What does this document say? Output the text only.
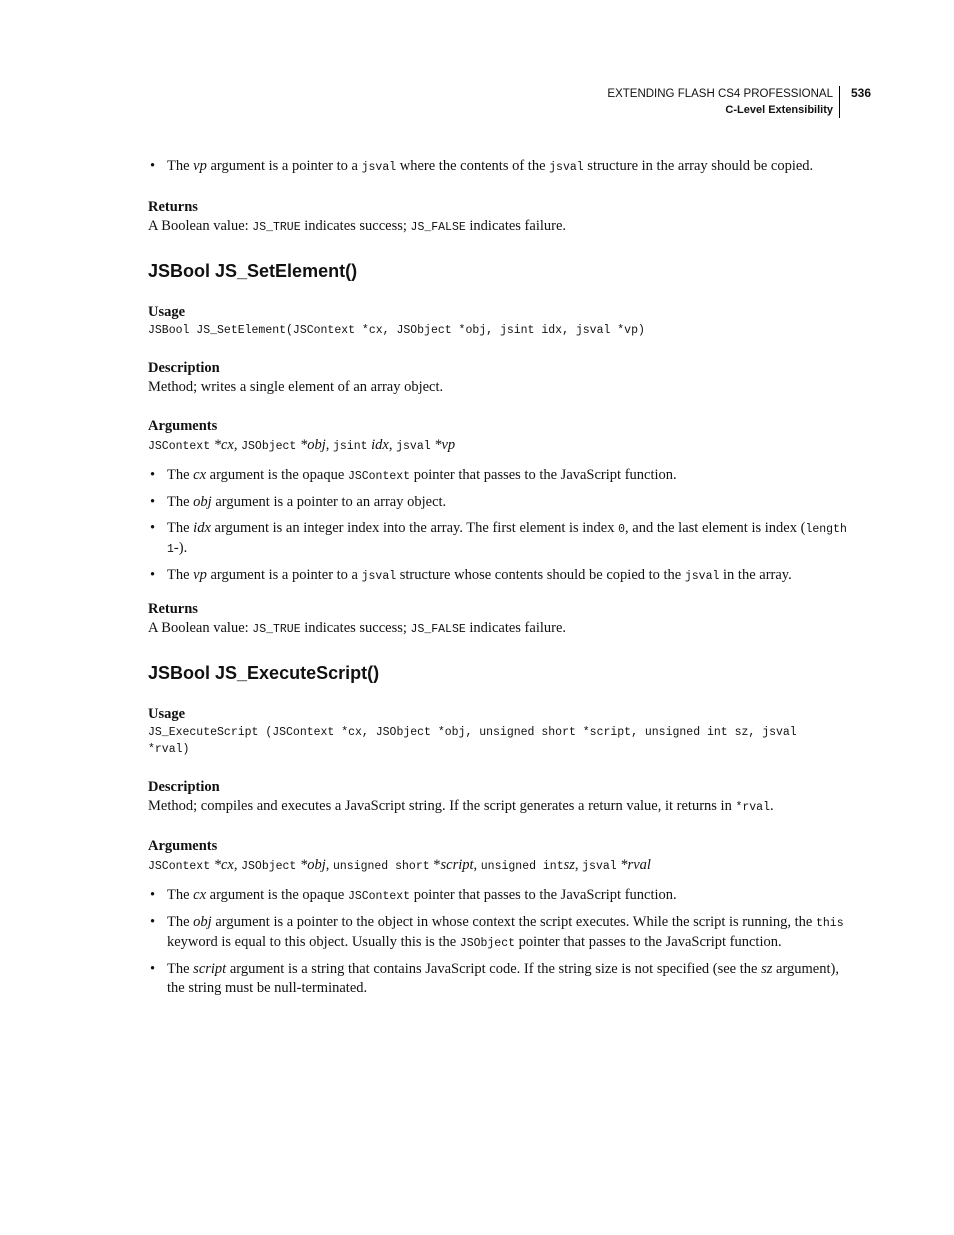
EXTENDING FLASH CS4 PROFESSIONAL
C-Level Extensibility
536
• The vp argument is a pointer to a jsval where the contents of the jsval structure in the array should be copied.
Returns

A Boolean value: JS_TRUE indicates success; JS_FALSE indicates failure.

JSBool JS_SetElement()
Usage

JSBool JS_SetElement(JSContext *cx, JSObject *obj, jsint idx, jsval *vp)

Description

Method; writes a single element of an array object.

Arguments

JSContext *cx, JSObject *obj, jsint idx, jsval *vp

• The cx argument is the opaque JSContext pointer that passes to the JavaScript function.
• The obj argument is a pointer to an array object.
• The idx argument is an integer index into the array. The first element is index 0, and the last element is index (length 1-).
• The vp argument is a pointer to a jsval structure whose contents should be copied to the jsval in the array.
Returns

A Boolean value: JS_TRUE indicates success; JS_FALSE indicates failure.

JSBool JS_ExecuteScript()
Usage

JS_ExecuteScript (JSContext *cx, JSObject *obj, unsigned short *script, unsigned int sz, jsval
*rval)

Description

Method; compiles and executes a JavaScript string. If the script generates a return value, it returns in *rval.

Arguments

JSContext *cx, JSObject *obj, unsigned short *script, unsigned intsz, jsval *rval

• The cx argument is the opaque JSContext pointer that passes to the JavaScript function.
• The obj argument is a pointer to the object in whose context the script executes. While the script is running, the this keyword is equal to this object. Usually this is the JSObject pointer that passes to the JavaScript function.
• The script argument is a string that contains JavaScript code. If the string size is not specified (see the sz argument), the string must be null-terminated.
